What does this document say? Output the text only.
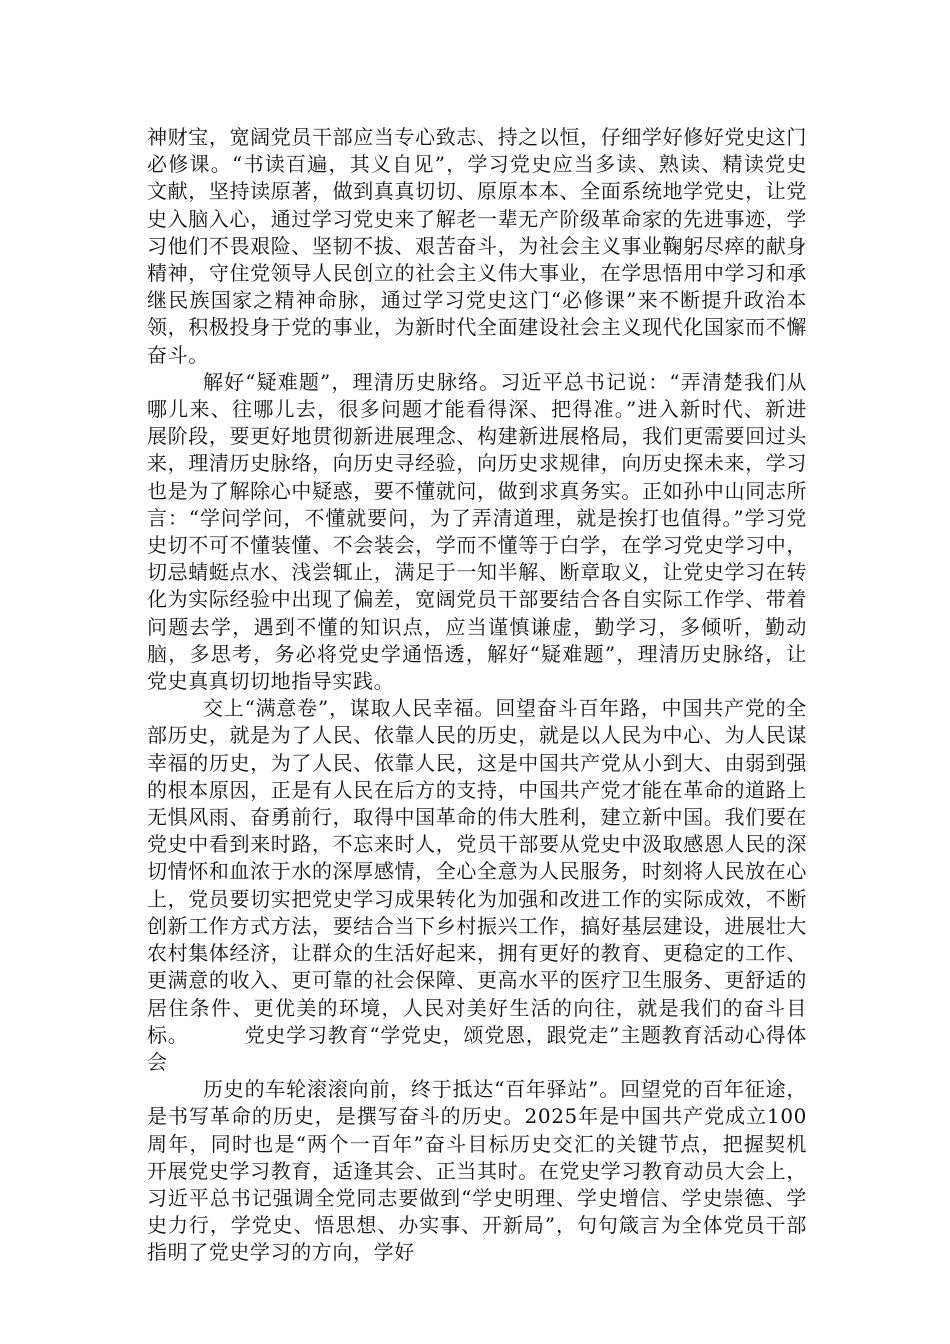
神财宝，宽阔党员干部应当专心致志、持之以恒，仔细学好修好党史这门必修课。“书读百遍，其义自见”，学习党史应当多读、熟读、精读党史文献，坚持读原著，做到真真切切、原原本本、全面系统地学党史，让党史入脑入心，通过学习党史来了解老一辈无产阶级革命家的先进事迹，学习他们不畏艰险、坚韧不拔、艰苦奋斗，为社会主义事业鞠躬尽瘁的献身精神，守住党领导人民创立的社会主义伟大事业，在学思悟用中学习和承继民族国家之精神命脉，通过学习党史这门“必修课”来不断提升政治本领，积极投身于党的事业，为新时代全面建设社会主义现代化国家而不懈奋斗。

解好“疑难题”，理清历史脉络。习近平总书记说：“弄清楚我们从哪儿来、往哪儿去，很多问题才能看得深、把得准。”进入新时代、新进展阶段，要更好地贯彻新进展理念、构建新进展格局，我们更需要回过头来，理清历史脉络，向历史寻经验，向历史求规律，向历史探未来，学习也是为了解除心中疑惑，要不懂就问，做到求真务实。正如孙中山同志所言：“学问学问，不懂就要问，为了弄清道理，就是挨打也值得。”学习党史切不可不懂装懂、不会装会，学而不懂等于白学，在学习党史学习中，切忌蜻蜓点水、浅尝辄止，满足于一知半解、断章取义，让党史学习在转化为实际经验中出现了偏差，宽阔党员干部要结合各自实际工作学、带着问题去学，遇到不懂的知识点，应当谨慎谦虚，勤学习，多倾听，勤动脑，多思考，务必将党史学通悟透，解好“疑难题”，理清历史脉络，让党史真真切切地指导实践。

交上“满意卷”，谋取人民幸福。回望奋斗百年路，中国共产党的全部历史，就是为了人民、依靠人民的历史，就是以人民为中心、为人民谋幸福的历史，为了人民、依靠人民，这是中国共产党从小到大、由弱到强的根本原因，正是有人民在后方的支持，中国共产党才能在革命的道路上无惧风雨、奋勇前行，取得中国革命的伟大胜利，建立新中国。我们要在党史中看到来时路，不忘来时人，党员干部要从党史中汲取感恩人民的深切情怀和血浓于水的深厚感情，全心全意为人民服务，时刻将人民放在心上，党员要切实把党史学习成果转化为加强和改进工作的实际成效，不断创新工作方式方法，要结合当下乡村振兴工作，搞好基层建设，进展壮大农村集体经济，让群众的生活好起来，拥有更好的教育、更稳定的工作、更满意的收入、更可靠的社会保障、更高水平的医疗卫生服务、更舒适的居住条件、更优美的环境，人民对美好生活的向往，就是我们的奋斗目标。	党史学习教育“学党史，颂党恩，跟党走”主题教育活动心得体会

历史的车轮滚滚向前，终于抵达“百年驿站”。回望党的百年征途，是书写革命的历史，是撰写奋斗的历史。2025年是中国共产党成立100周年，同时也是“两个一百年”奋斗目标历史交汇的关键节点，把握契机开展党史学习教育，适逢其会、正当其时。在党史学习教育动员大会上，习近平总书记强调全党同志要做到“学史明理、学史增信、学史崇德、学史力行，学党史、悟思想、办实事、开新局”，句句箴言为全体党员干部指明了党史学习的方向，学好
